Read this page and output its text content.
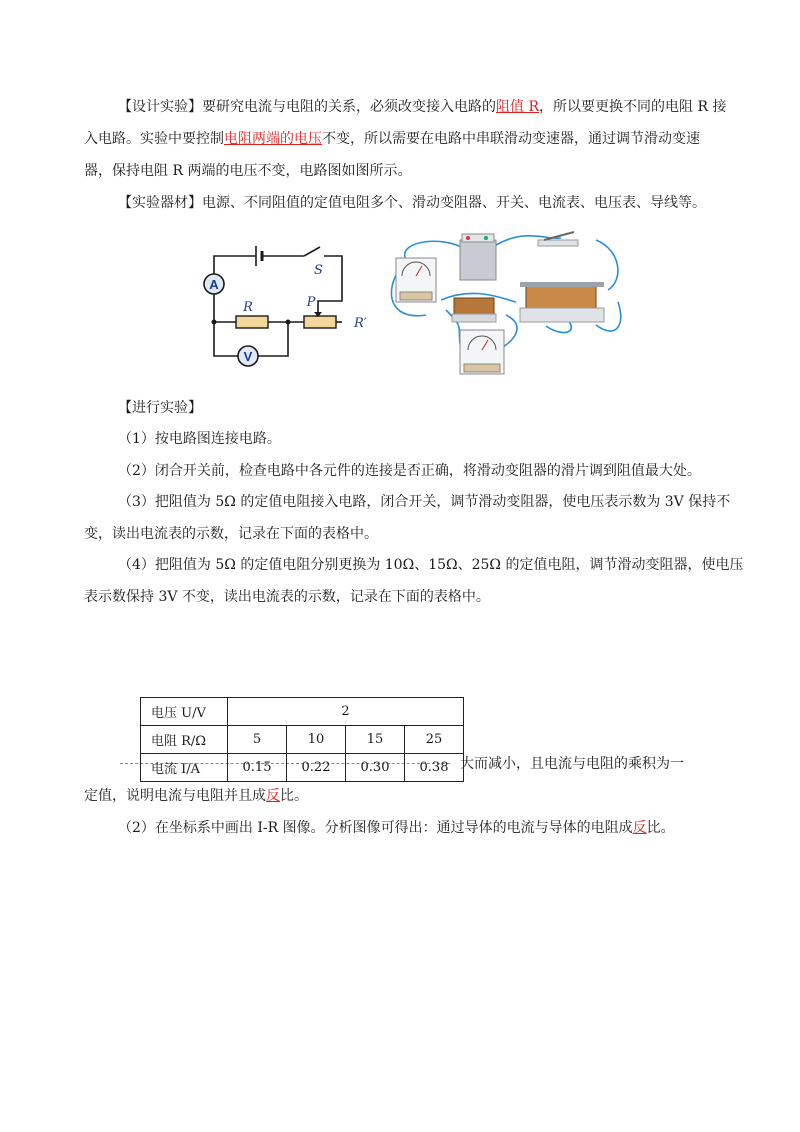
【设计实验】要研究电流与电阻的关系，必须改变接入电路的阻值 R，所以要更换不同的电阻 R 接
入电路。实验中要控制电阻两端的电压不变，所以需要在电路中串联滑动变速器，通过调节滑动变速
器，保持电阻 R 两端的电压不变，电路图如图所示。
【实验器材】电源、不同阻值的定值电阻多个、滑动变阻器、开关、电流表、电压表、导线等。
A
R	P
R′
S
V
【进行实验】
（1）按电路图连接电路。
（2）闭合开关前，检查电路中各元件的连接是否正确，将滑动变阻器的滑片调到阻值最大处。
（3）把阻值为 5Ω 的定值电阻接入电路，闭合开关，调节滑动变阻器，使电压表示数为 3V 保持不
变，读出电流表的示数，记录在下面的表格中。
（4）把阻值为 5Ω 的定值电阻分别更换为 10Ω、15Ω、25Ω 的定值电阻，调节滑动变阻器，使电压
表示数保持 3V 不变，读出电流表的示数，记录在下面的表格中。
电压 U/V	2			
电阻 R/Ω	5	10	15	25
电流 I/A	0.15	0.22	0.30	0.38 大而减小，且电流与电阻的乘积为一
定值，说明电流与电阻并且成反比。
（2）在坐标系中画出 I-R 图像。分析图像可得出：通过导体的电流与导体的电阻成反比。
